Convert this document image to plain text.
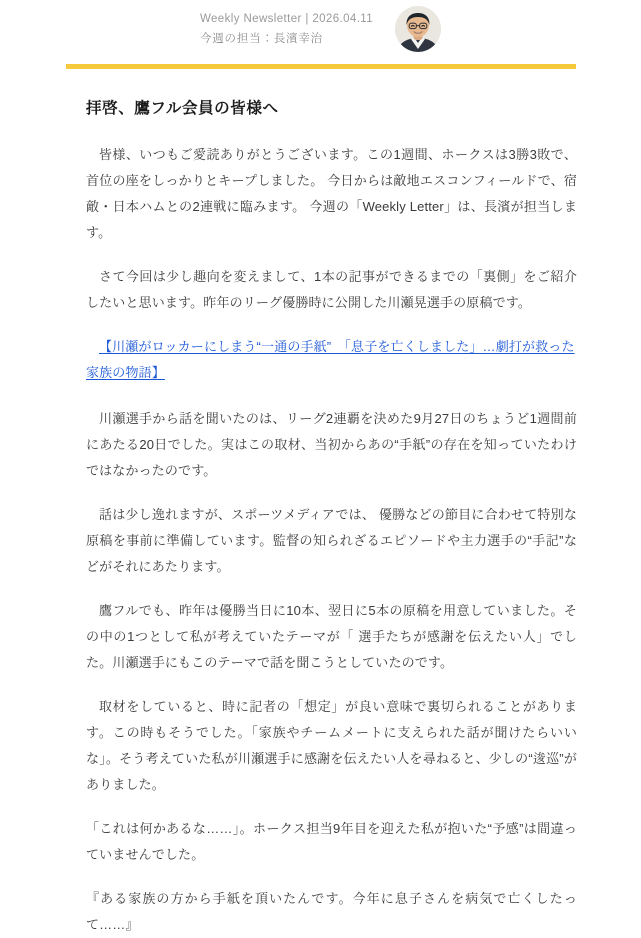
Weekly Newsletter | 2026.04.11
今週の担当：長濱幸治
拝啓、鷹フル会員の皆様へ

皆様、いつもご愛読ありがとうございます。この1週間、ホークスは3勝3敗で、首位の座をしっかりとキープしました。 今日からは敵地エスコンフィールドで、宿敵・日本ハムとの2連戦に臨みます。 今週の「Weekly Letter」は、長濱が担当します。

さて今回は少し趣向を変えまして、1本の記事ができるまでの「裏側」をご紹介したいと思います。昨年のリーグ優勝時に公開した川瀬晃選手の原稿です。

【川瀬がロッカーにしまう“一通の手紙”　「息子を亡くしました」…劇打が救った家族の物語】

川瀬選手から話を聞いたのは、リーグ2連覇を決めた9月27日のちょうど1週間前にあたる20日でした。実はこの取材、当初からあの“手紙”の存在を知っていたわけではなかったのです。

話は少し逸れますが、スポーツメディアでは、 優勝などの節目に合わせて特別な原稿を事前に準備しています。監督の知られざるエピソードや主力選手の“手記”などがそれにあたります。

鷹フルでも、昨年は優勝当日に10本、翌日に5本の原稿を用意していました。その中の1つとして私が考えていたテーマが「 選手たちが感謝を伝えたい人」でした。川瀬選手にもこのテーマで話を聞こうとしていたのです。

取材をしていると、時に記者の「想定」が良い意味で裏切られることがあります。この時もそうでした。「家族やチームメートに支えられた話が聞けたらいいな」。そう考えていた私が川瀬選手に感謝を伝えたい人を尋ねると、少しの“逡巡”がありました。

「これは何かあるな……」。ホークス担当9年目を迎えた私が抱いた“予感”は間違っていませんでした。

『ある家族の方から手紙を頂いたんです。今年に息子さんを病気で亡くしたって……』
